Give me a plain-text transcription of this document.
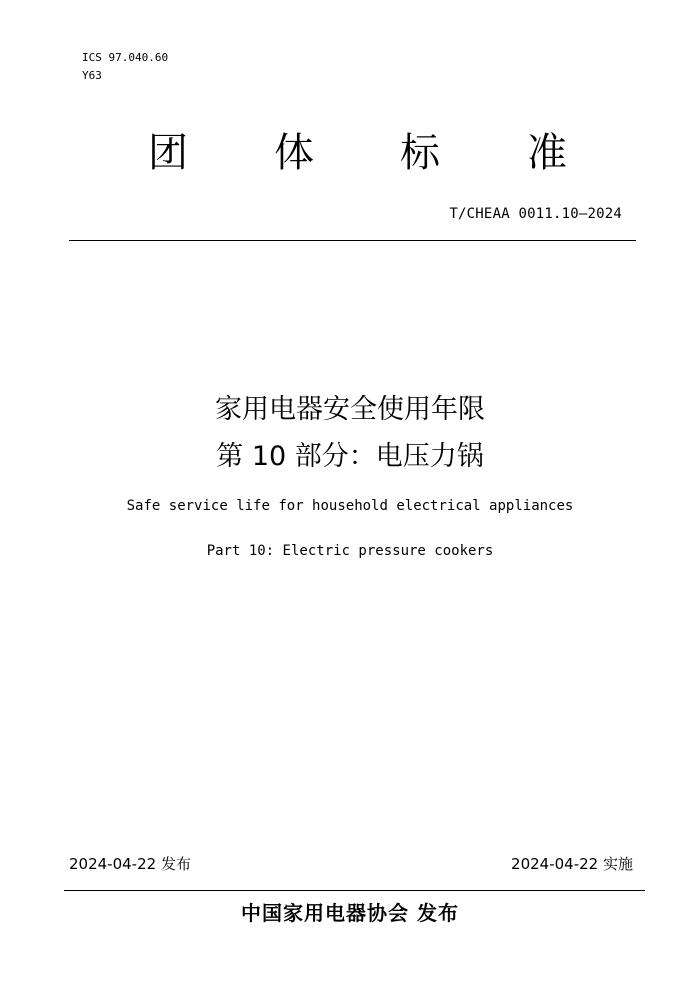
ICS 97.040.60
Y63
团 体 标 准
T/CHEAA 0011.10—2024
家用电器安全使用年限
第 10 部分：电压力锅
Safe service life for household electrical appliances
Part 10: Electric pressure cookers
2024-04-22 发布	2024-04-22 实施
中国家用电器协会 发布
